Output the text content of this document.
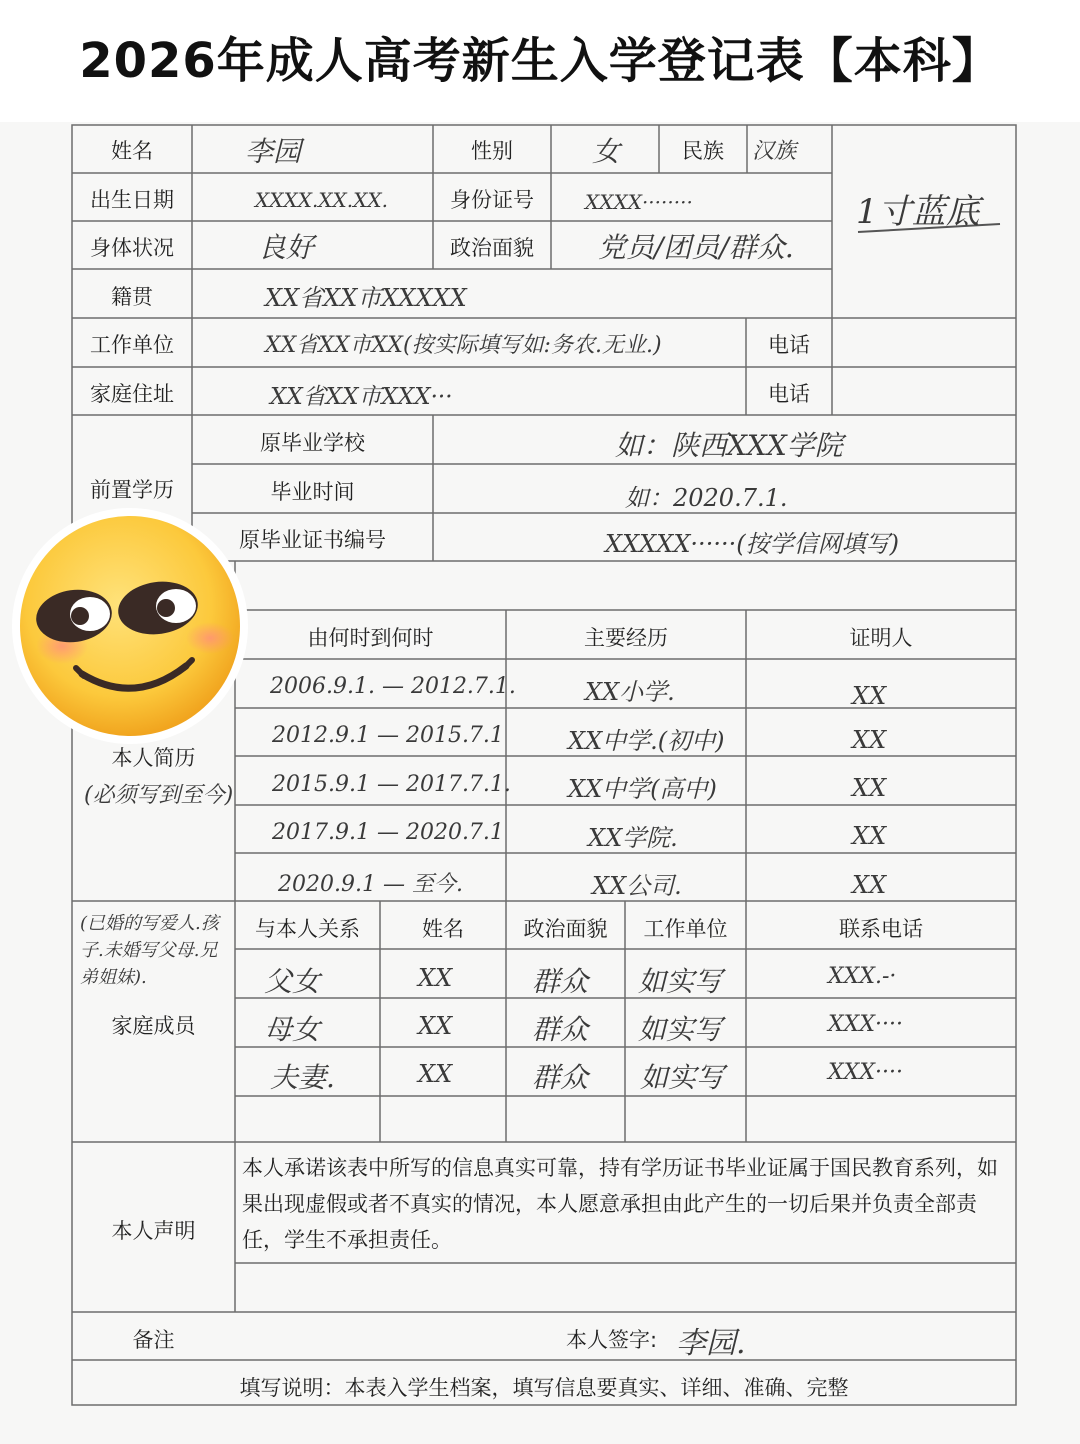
2026年成人高考新生入学登记表【本科】
姓名	李园	性别	女	民族	汉族
出生日期	XXXX.XX.XX.	身份证号	XXXX········
身体状况	良好	政治面貌	党员/团员/群众.
籍贯	XX省XX市XXXXX
1寸蓝底
工作单位	XX省XX市XX(按实际填写如:务农.无业.)	电话
家庭住址	XX省XX市XXX···	电话
前置学历
原毕业学校	如：陕西XXX学院
毕业时间	如：2020.7.1.
原毕业证书编号	XXXXX······(按学信网填写)
本人简历
(必须写到至今)
由何时到何时	主要经历	证明人
2006.9.1. — 2012.7.1.	XX小学.	XX
2012.9.1 — 2015.7.1	XX中学.(初中)	XX
2015.9.1 — 2017.7.1. XX中学(高中)	XX
2017.9.1 — 2020.7.1	XX学院.	XX
2020.9.1 — 至今.	XX公司.	XX
(已婚的写爱人.孩子.未婚写父母.兄弟姐妹).
家庭成员
与本人关系	姓名	政治面貌	工作单位	联系电话
父女	XX	群众 如实写	XXX.-·
母女	XX	群众 如实写	XXX····
夫妻.	XX	群众 如实写	XXX····
本人声明
本人承诺该表中所写的信息真实可靠，持有学历证书毕业证属于国民教育系列，如果出现虚假或者不真实的情况，本人愿意承担由此产生的一切后果并负责全部责任，学生不承担责任。
备注	本人签字: 李园.
填写说明：本表入学生档案，填写信息要真实、详细、准确、完整
